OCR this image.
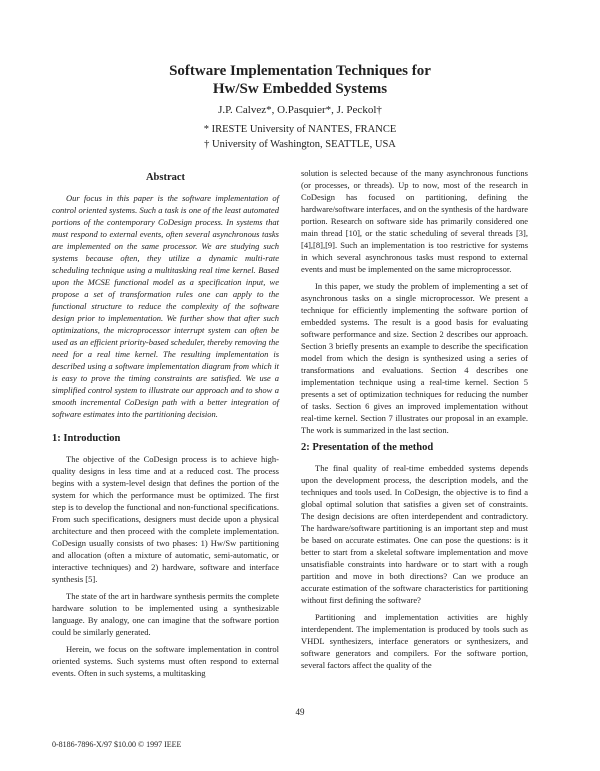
Software Implementation Techniques for
Hw/Sw Embedded Systems
J.P. Calvez*, O.Pasquier*, J. Peckol†
* IRESTE University of NANTES, FRANCE
† University of Washington, SEATTLE, USA
Abstract

Our focus in this paper is the software implementation of control oriented systems. Such a task is one of the least automated portions of the contemporary CoDesign process. In systems that must respond to external events, often several asynchronous tasks are implemented on the same processor. We are studying such systems because often, they utilize a dynamic multi-rate scheduling technique using a multitasking real time kernel. Based upon the MCSE functional model as a specification input, we propose a set of transformation rules one can apply to the functional structure to reduce the complexity of the software design prior to implementation. We further show that after such optimizations, the microprocessor interrupt system can often be used as an efficient priority-based scheduler, thereby removing the need for a real time kernel. The resulting implementation is described using a software implementation diagram from which it is easy to prove the timing constraints are satisfied. We use a simplified control system to illustrate our approach and to show a smooth incremental CoDesign path with a better integration of software estimates into the partitioning decision.

1: Introduction

The objective of the CoDesign process is to achieve high-quality designs in less time and at a reduced cost. The process begins with a system-level design that defines the portion of the system for which the performance must be optimized. The first step is to develop the functional and non-functional specifications. From such specifications, designers must decide upon a physical architecture and then proceed with the complete implementation. CoDesign usually consists of two phases: 1) Hw/Sw partitioning and allocation (often a mixture of automatic, semi-automatic, or interactive techniques) and 2) hardware, software and interface synthesis [5].

The state of the art in hardware synthesis permits the complete hardware solution to be implemented using a synthesizable language. By analogy, one can imagine that the software portion could be similarly generated.

Herein, we focus on the software implementation in control oriented systems. Such systems must often respond to external events. Often in such systems, a multitasking

solution is selected because of the many asynchronous functions (or processes, or threads). Up to now, most of the research in CoDesign has focused on partitioning, defining the hardware/software interfaces, and on the synthesis of the hardware portion. Research on software side has primarily considered one main thread [10], or the static scheduling of several threads [3],[4],[8],[9]. Such an implementation is too restrictive for systems in which several asynchronous tasks must respond to external events and must be implemented on the same microprocessor.

In this paper, we study the problem of implementing a set of asynchronous tasks on a single microprocessor. We present a technique for efficiently implementing the software portion of embedded systems. The result is a good basis for evaluating software performance and size. Section 2 describes our approach. Section 3 briefly presents an example to describe the specification model from which the design is synthesized using a series of transformations and evaluations. Section 4 describes one implementation technique using a real-time kernel. Section 5 presents a set of optimization techniques for reducing the number of tasks. Section 6 gives an improved implementation without real-time kernel. Section 7 illustrates our proposal in an example. The work is summarized in the last section.

2: Presentation of the method

The final quality of real-time embedded systems depends upon the development process, the description models, and the techniques and tools used. In CoDesign, the objective is to find a global optimal solution that satisfies a given set of constraints. The design decisions are often interdependent and contradictory. The hardware/software partitioning is an important step and must be based on accurate estimates. One can pose the questions: is it better to start from a skeletal software implementation and move unsatisfiable constraints into hardware or to start with a rough partition and move in both directions? Can we produce an accurate estimation of the software characteristics for partitioning without first defining the software?

Partitioning and implementation activities are highly interdependent. The implementation is produced by tools such as VHDL synthesizers, interface generators or synthesizers, and software generators and compilers. For the software portion, several factors affect the quality of the

49
0-8186-7896-X/97 $10.00 © 1997 IEEE
